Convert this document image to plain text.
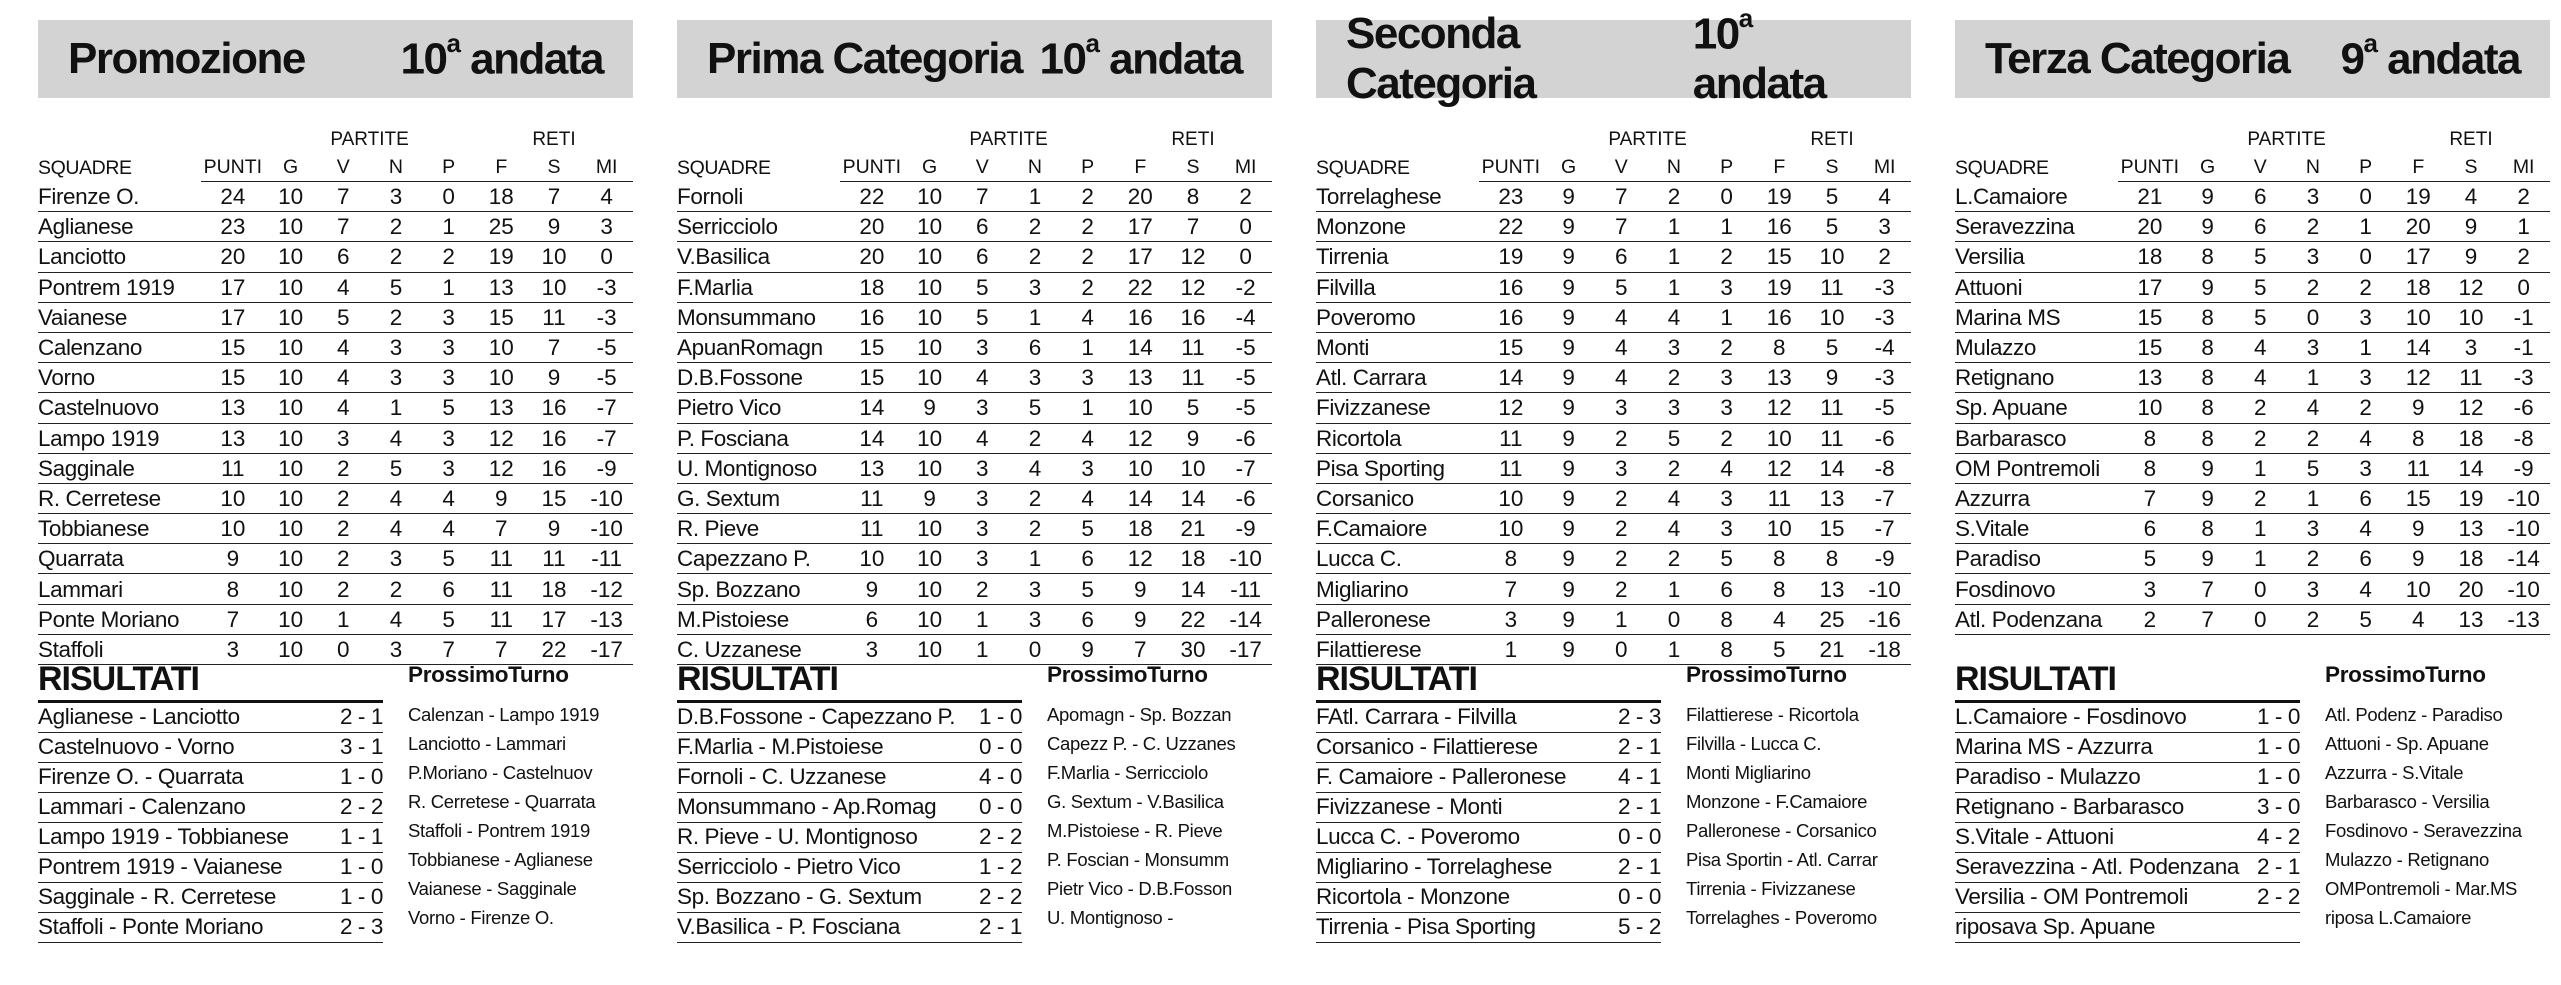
Promozione 10$^a$ andata
		PARTITE				RETI		
SQUADRE	PUNTI	G	V	N	P	F	S	MI
Firenze O.	24	10	7	3	0	18	7	4
Aglianese	23	10	7	2	1	25	9	3
Lanciotto	20	10	6	2	2	19	10	0
Pontrem 1919	17	10	4	5	1	13	10	-3
Vaianese	17	10	5	2	3	15	11	-3
Calenzano	15	10	4	3	3	10	7	-5
Vorno	15	10	4	3	3	10	9	-5
Castelnuovo	13	10	4	1	5	13	16	-7
Lampo 1919	13	10	3	4	3	12	16	-7
Sagginale	11	10	2	5	3	12	16	-9
R. Cerretese	10	10	2	4	4	9	15	-10
Tobbianese	10	10	2	4	4	7	9	-10
Quarrata	9	10	2	3	5	11	11	-11
Lammari	8	10	2	2	6	11	18	-12
Ponte Moriano	7	10	1	4	5	11	17	-13
Staffoli	3	10	0	3	7	7	22	-17
RISULTATI
Aglianese - Lanciotto	2 - 1
Castelnuovo - Vorno	3 - 1
Firenze O. - Quarrata	1 - 0
Lammari - Calenzano	2 - 2
Lampo 1919 - Tobbianese 1 - 1
Pontrem 1919 - Vaianese	1 - 0
Sagginale - R. Cerretese	1 - 0
Staffoli - Ponte Moriano	2 - 3
ProssimoTurno
Calenzan - Lampo 1919
Lanciotto - Lammari
P.Moriano - Castelnuov
R. Cerretese - Quarrata
Staffoli - Pontrem 1919
Tobbianese - Aglianese
Vaianese - Sagginale
Vorno - Firenze O.
Prima Categoria 10$^a$ andata
		PARTITE				RETI		
SQUADRE	PUNTI	G	V	N	P	F	S	MI
Fornoli	22	10	7	1	2	20	8	2
Serricciolo	20	10	6	2	2	17	7	0
V.Basilica	20	10	6	2	2	17	12	0
F.Marlia	18	10	5	3	2	22	12	-2
Monsummano	16	10	5	1	4	16	16	-4
ApuanRomagn	15	10	3	6	1	14	11	-5
D.B.Fossone	15	10	4	3	3	13	11	-5
Pietro Vico	14	9	3	5	1	10	5	-5
P. Fosciana	14	10	4	2	4	12	9	-6
U. Montignoso	13	10	3	4	3	10	10	-7
G. Sextum	11	9	3	2	4	14	14	-6
R. Pieve	11	10	3	2	5	18	21	-9
Capezzano P.	10	10	3	1	6	12	18	-10
Sp. Bozzano	9	10	2	3	5	9	14	-11
M.Pistoiese	6	10	1	3	6	9	22	-14
C. Uzzanese	3	10	1	0	9	7	30	-17
RISULTATI
D.B.Fossone - Capezzano P. 1 - 0
F.Marlia - M.Pistoiese	0 - 0
Fornoli - C. Uzzanese	4 - 0
Monsummano - Ap.Romag 0 - 0
R. Pieve - U. Montignoso	2 - 2
Serricciolo - Pietro Vico	1 - 2
Sp. Bozzano - G. Sextum	2 - 2
V.Basilica - P. Fosciana	2 - 1
ProssimoTurno
Apomagn - Sp. Bozzan
Capezz P. - C. Uzzanes
F.Marlia - Serricciolo
G. Sextum - V.Basilica
M.Pistoiese - R. Pieve
P. Foscian - Monsumm
Pietr Vico - D.B.Fosson
U. Montignoso -
Seconda Categoria
10$^a$ andata
		PARTITE				RETI		
SQUADRE	PUNTI	G	V	N	P	F	S	MI
Torrelaghese	23	9	7	2	0	19	5	4
Monzone	22	9	7	1	1	16	5	3
Tirrenia	19	9	6	1	2	15	10	2
Filvilla	16	9	5	1	3	19	11	-3
Poveromo	16	9	4	4	1	16	10	-3
Monti	15	9	4	3	2	8	5	-4
Atl. Carrara	14	9	4	2	3	13	9	-3
Fivizzanese	12	9	3	3	3	12	11	-5
Ricortola	11	9	2	5	2	10	11	-6
Pisa Sporting	11	9	3	2	4	12	14	-8
Corsanico	10	9	2	4	3	11	13	-7
F.Camaiore	10	9	2	4	3	10	15	-7
Lucca C.	8	9	2	2	5	8	8	-9
Migliarino	7	9	2	1	6	8	13	-10
Palleronese	3	9	1	0	8	4	25	-16
Filattierese	1	9	0	1	8	5	21	-18
RISULTATI
FAtl. Carrara - Filvilla	2 - 3
Corsanico - Filattierese	2 - 1
F. Camaiore - Palleronese 4 - 1
Fivizzanese - Monti	2 - 1
Lucca C. - Poveromo	0 - 0
Migliarino - Torrelaghese	2 - 1
Ricortola - Monzone	0 - 0
Tirrenia - Pisa Sporting	5 - 2
ProssimoTurno
Filattierese - Ricortola
Filvilla - Lucca C.
Monti Migliarino
Monzone - F.Camaiore
Palleronese - Corsanico
Pisa Sportin - Atl. Carrar
Tirrenia - Fivizzanese
Torrelaghes - Poveromo
Terza Categoria 9$^a$ andata
		PARTITE				RETI		
SQUADRE	PUNTI	G	V	N	P	F	S	MI
L.Camaiore	21	9	6	3	0	19	4	2
Seravezzina	20	9	6	2	1	20	9	1
Versilia	18	8	5	3	0	17	9	2
Attuoni	17	9	5	2	2	18	12	0
Marina MS	15	8	5	0	3	10	10	-1
Mulazzo	15	8	4	3	1	14	3	-1
Retignano	13	8	4	1	3	12	11	-3
Sp. Apuane	10	8	2	4	2	9	12	-6
Barbarasco	8	8	2	2	4	8	18	-8
OM Pontremoli	8	9	1	5	3	11	14	-9
Azzurra	7	9	2	1	6	15	19	-10
S.Vitale	6	8	1	3	4	9	13	-10
Paradiso	5	9	1	2	6	9	18	-14
Fosdinovo	3	7	0	3	4	10	20	-10
Atl. Podenzana	2	7	0	2	5	4	13	-13
RISULTATI
L.Camaiore - Fosdinovo	1 - 0
Marina MS - Azzurra	1 - 0
Paradiso - Mulazzo	1 - 0
Retignano - Barbarasco	3 - 0
S.Vitale - Attuoni	4 - 2
Seravezzina - Atl. Podenzana 2 - 1
Versilia - OM Pontremoli	2 - 2
riposava Sp. Apuane
ProssimoTurno
Atl. Podenz - Paradiso
Attuoni - Sp. Apuane
Azzurra - S.Vitale
Barbarasco - Versilia
Fosdinovo - Seravezzina
Mulazzo - Retignano
OMPontremoli - Mar.MS
riposa L.Camaiore
